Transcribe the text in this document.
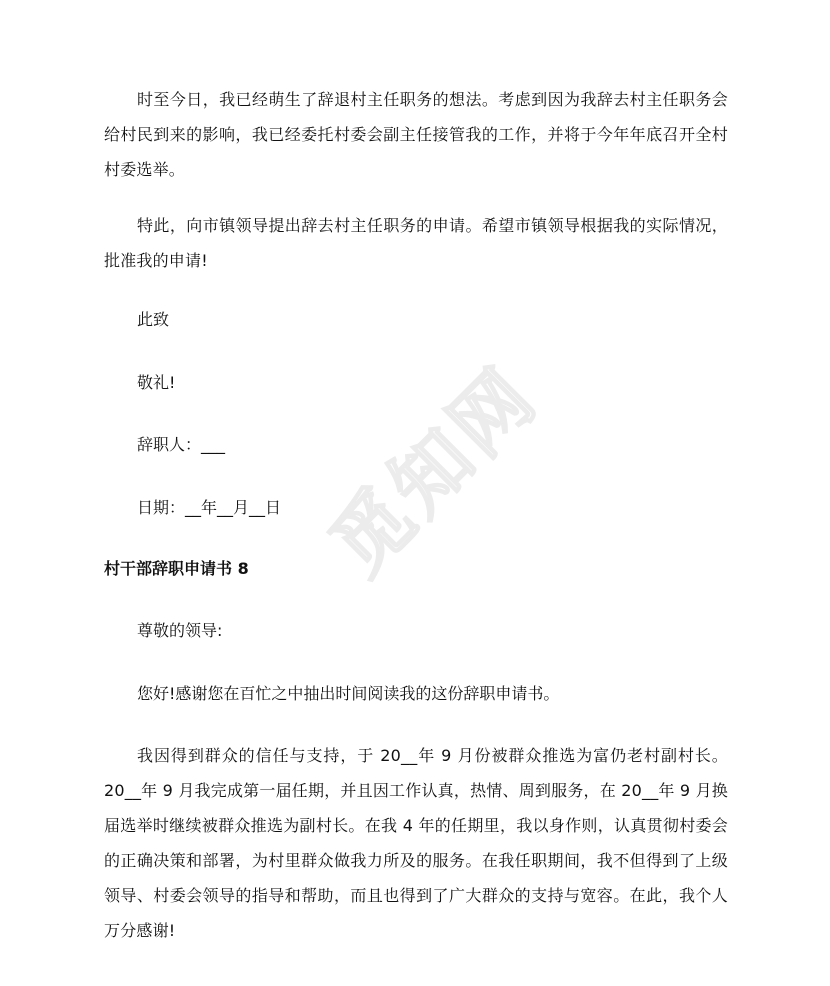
觅知网

时至今日，我已经萌生了辞退村主任职务的想法。考虑到因为我辞去村主任职务会给村民到来的影响，我已经委托村委会副主任接管我的工作，并将于今年年底召开全村村委选举。

特此，向市镇领导提出辞去村主任职务的申请。希望市镇领导根据我的实际情况，批准我的申请!

此致

敬礼!

辞职人：___

日期：__年__月__日

村干部辞职申请书 8

尊敬的领导:

您好!感谢您在百忙之中抽出时间阅读我的这份辞职申请书。

我因得到群众的信任与支持，于 20__年 9 月份被群众推选为富仍老村副村长。20__年 9 月我完成第一届任期，并且因工作认真，热情、周到服务，在 20__年 9 月换届选举时继续被群众推选为副村长。在我 4 年的任期里，我以身作则，认真贯彻村委会的正确决策和部署，为村里群众做我力所及的服务。在我任职期间，我不但得到了上级领导、村委会领导的指导和帮助，而且也得到了广大群众的支持与宽容。在此，我个人万分感谢!
